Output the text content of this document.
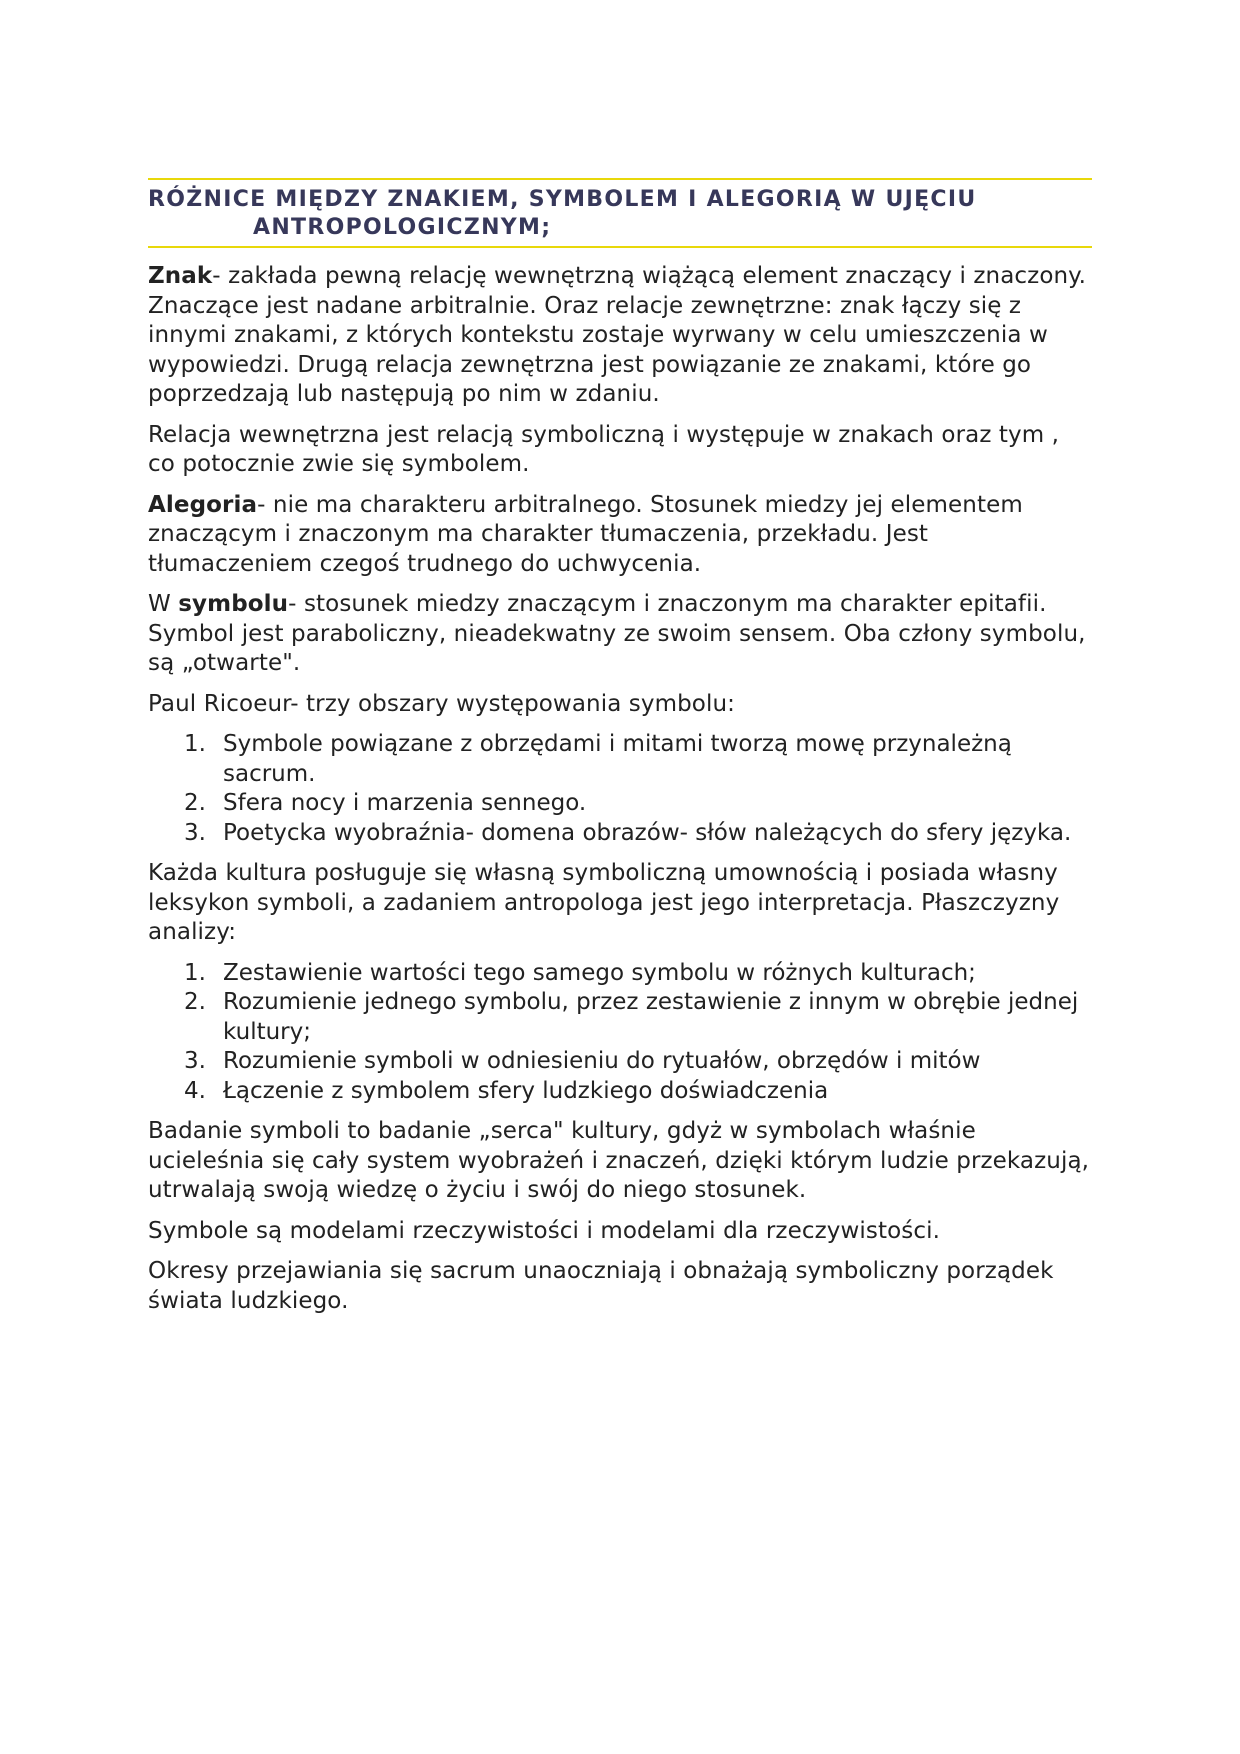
RÓŻNICE MIĘDZY ZNAKIEM, SYMBOLEM I ALEGORIĄ W UJĘCIU
ANTROPOLOGICZNYM;

Znak- zakłada pewną relację wewnętrzną wiążącą element znaczący i znaczony. Znaczące jest nadane arbitralnie. Oraz relacje zewnętrzne: znak łączy się z innymi znakami, z których kontekstu zostaje wyrwany w celu umieszczenia w wypowiedzi. Drugą relacja zewnętrzna jest powiązanie ze znakami, które go poprzedzają lub następują po nim w zdaniu.

Relacja wewnętrzna jest relacją symboliczną i występuje w znakach oraz tym , co potocznie zwie się symbolem.

Alegoria- nie ma charakteru arbitralnego. Stosunek miedzy jej elementem znaczącym i znaczonym ma charakter tłumaczenia, przekładu. Jest tłumaczeniem czegoś trudnego do uchwycenia.

W symbolu- stosunek miedzy znaczącym i znaczonym ma charakter epitafii. Symbol jest paraboliczny, nieadekwatny ze swoim sensem. Oba człony symbolu, są „otwarte".

Paul Ricoeur- trzy obszary występowania symbolu:

1. Symbole powiązane z obrzędami i mitami tworzą mowę przynależną sacrum.
2. Sfera nocy i marzenia sennego.
3. Poetycka wyobraźnia- domena obrazów- słów należących do sfery języka.

Każda kultura posługuje się własną symboliczną umownością i posiada własny leksykon symboli, a zadaniem antropologa jest jego interpretacja. Płaszczyzny analizy:

1. Zestawienie wartości tego samego symbolu w różnych kulturach;
2. Rozumienie jednego symbolu, przez zestawienie z innym w obrębie jednej kultury;
3. Rozumienie symboli w odniesieniu do rytuałów, obrzędów i mitów
4. Łączenie z symbolem sfery ludzkiego doświadczenia

Badanie symboli to badanie „serca" kultury, gdyż w symbolach właśnie ucieleśnia się cały system wyobrażeń i znaczeń, dzięki którym ludzie przekazują, utrwalają swoją wiedzę o życiu i swój do niego stosunek.

Symbole są modelami rzeczywistości i modelami dla rzeczywistości.

Okresy przejawiania się sacrum unaoczniają i obnażają symboliczny porządek świata ludzkiego.
